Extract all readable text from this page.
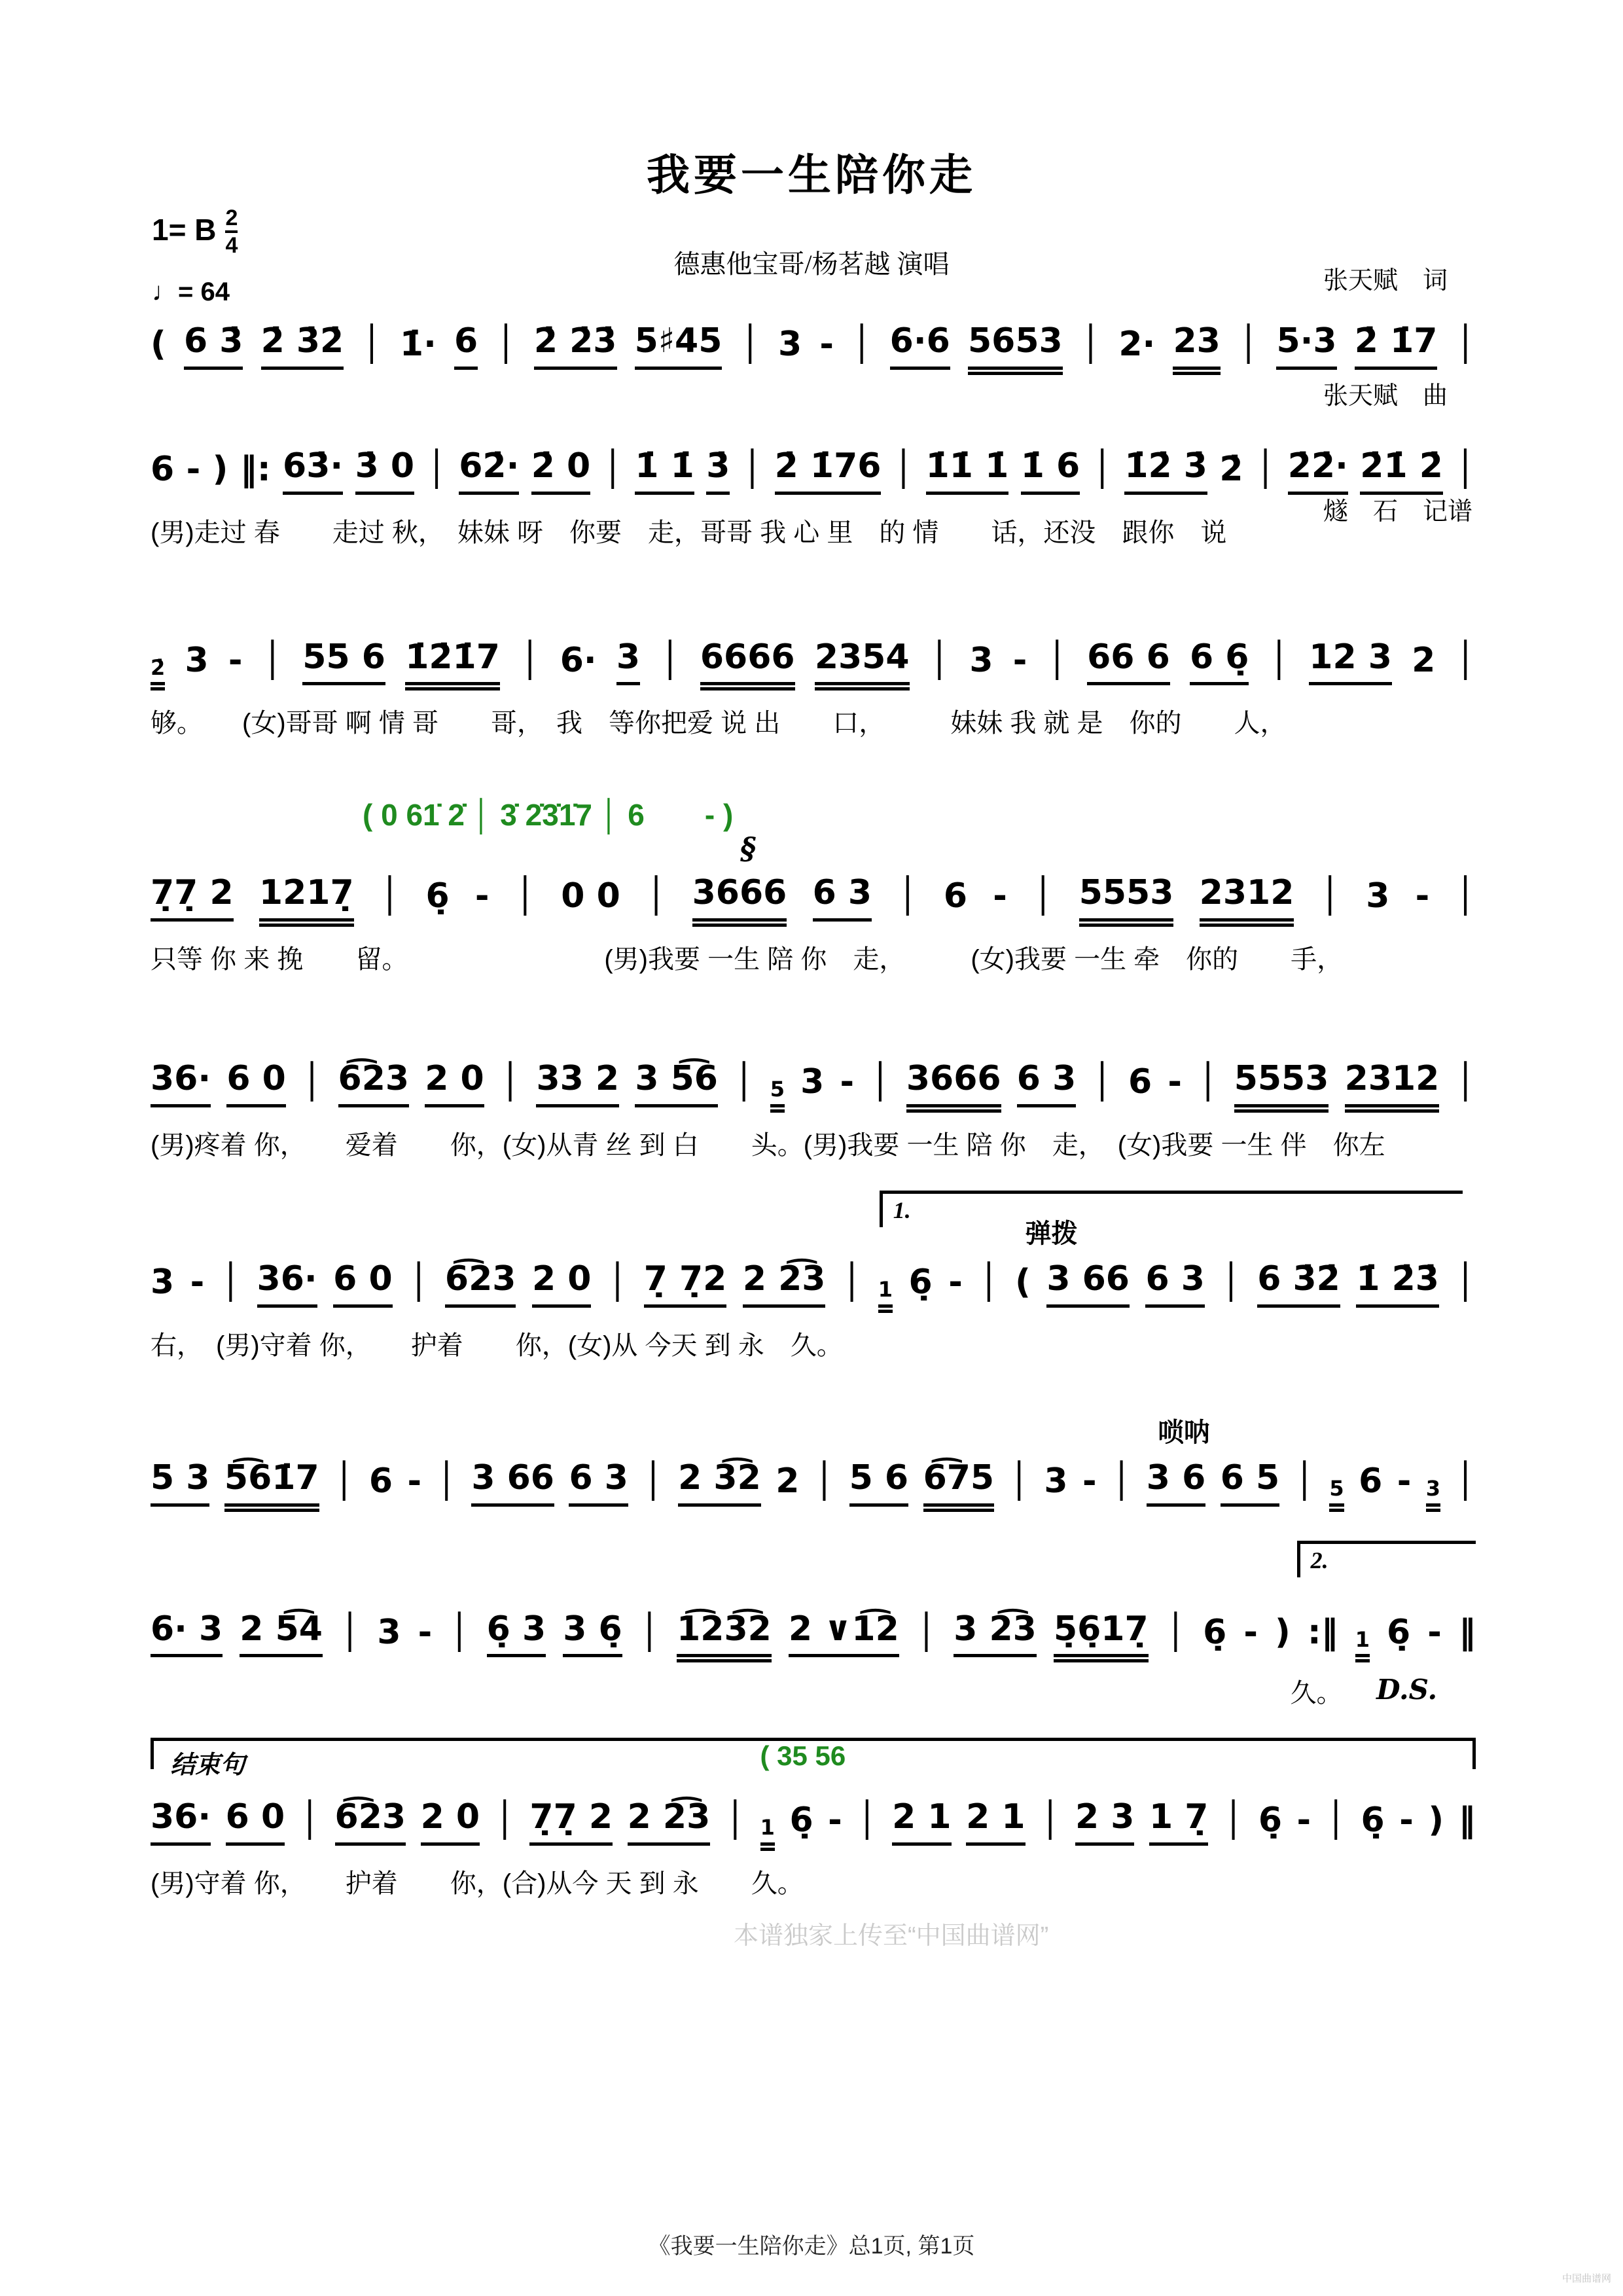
我要一生陪你走
德惠他宝哥/杨茗越 演唱

张天赋　词

张天赋　曲

燧　石　记谱

1= B $\frac{2}{4}$
♩= 64
( 6 3̇ 2̇ 3̇2̇ │ 1̇· 6 │ 2̇ 2̇3̇ 5♯45 │ 3 - │ 6·6 5653 │ 2· 23 │ 5·3 2̇ 1̇7 │
6 - ) ‖: 63̇· 3̇ 0 │ 62̇· 2̇ 0 │ 1̇ 1̇ 3̇ │ 2̇ 1̇76 │ 1̇1̇ 1̇ 1̇ 6 │ 1̇2̇ 3̇ 2̇ │ 2̇2̇· 2̇1̇ 2̇ │
(男)走过 春　　走过 秋，　妹妹 呀　你要　走，哥哥 我 心 里　的 情　　话，还没　跟你　说
2̇ 3 - │ 55 6 1̇2̇1̇7 │ 6· 3 │ 6666 2354 │ 3 - │ 66 6 6 6̣ │ 12 3 2 │
够。　　(女)哥哥 啊 情 哥　　哥，　我　等你把爱 说 出　　口，　　　妹妹 我 就 是　你的　　人，
( 0 61̇ 2̇ │ 3̇ 2̇3̇1̇7 │ 6　　- )
§
7̣7̣ 2 1217̣ │ 6̣ - │ 0 0 │ 3666 6 3 │ 6 - │ 5553 2312 │ 3 - │
只等 你 来 挽　　留。　　　　　　　　(男)我要 一生 陪 你　走，　　　(女)我要 一生 牵　你的　　手，
36· 6 0 │ 6͡23 2 0 │ 33 2 3 5͡6 │ 5 3 - │ 3666 6 3 │ 6 - │ 5553 2312 │
(男)疼着 你，　　爱着　　你，(女)从青 丝 到 白　　头。(男)我要 一生 陪 你　走，　(女)我要 一生 伴　你左
1.
弹拨
3 - │ 36· 6 0 │ 6͡23 2 0 │ 7̣ 7̣2 2 2͡3 │ 1 6̣ - │ ( 3 66 6 3 │ 6 3̇2̇ 1̇ 2̇3̇ │
右，　(男)守着 你，　　护着　　你，(女)从 今天 到 永　久。
唢呐
5 3 5͡61̇7 │ 6 - │ 3 66 6 3 │ 2 3͡2 2 │ 5 6 6͡75 │ 3 - │ 3 6 6 5 │ 5 6 - 3 │
2.
久。 D.S.
6· 3 2 5͡4 │ 3 - │ 6̣ 3 3 6̣ │ 1͡23͡2 2 ∨1͡2 │ 3 2͡3 5̣6̣17̣ │ 6̣ - ) :‖ 1 6̣ - ‖
结束句	( 35 56
本谱独家上传至“中国曲谱网”
36· 6 0 │ 6͡23 2 0 │ 7̣7̣ 2 2 2͡3 │ 1 6̣ - │ 2 1 2 1 │ 2 3 1 7̣ │ 6̣ - │ 6̣ - ) ‖
(男)守着 你，　　护着　　你，(合)从今 天 到 永　　久。
《我要一生陪你走》总1页, 第1页
中国曲谱网
